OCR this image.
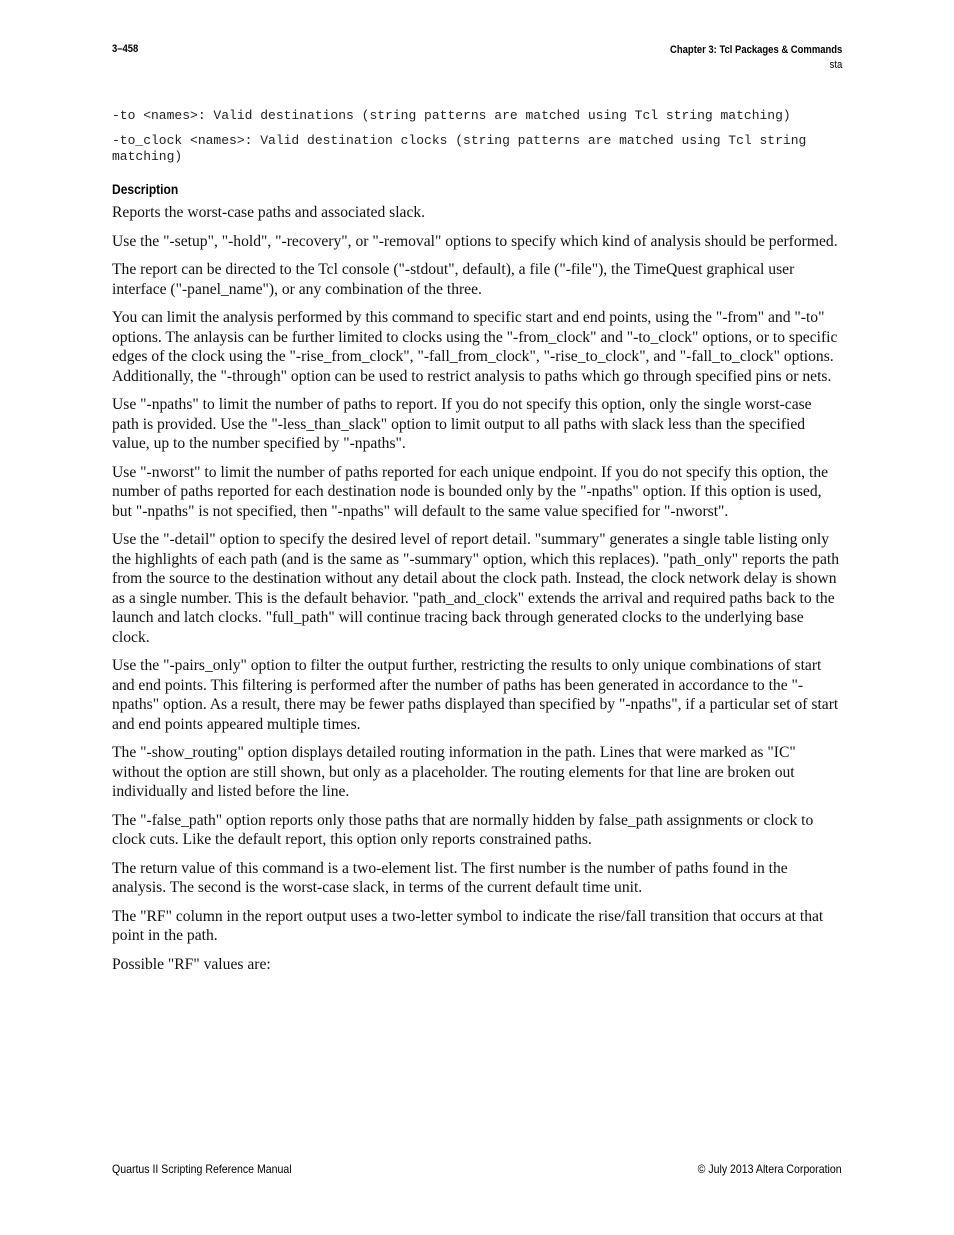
3–458	Chapter 3: Tcl Packages & Commands
sta
-to <names>: Valid destinations (string patterns are matched using Tcl string matching)
-to_clock <names>: Valid destination clocks (string patterns are matched using Tcl string matching)
Description

Reports the worst-case paths and associated slack.

Use the "-setup", "-hold", "-recovery", or "-removal" options to specify which kind of analysis should be performed.

The report can be directed to the Tcl console ("-stdout", default), a file ("-file"), the TimeQuest graphical user interface ("-panel_name"), or any combination of the three.

You can limit the analysis performed by this command to specific start and end points, using the "-from" and "-to" options. The anlaysis can be further limited to clocks using the "-from_clock" and "-to_clock" options, or to specific edges of the clock using the "-rise_from_clock", "-fall_from_clock", "-rise_to_clock", and "-fall_to_clock" options. Additionally, the "-through" option can be used to restrict analysis to paths which go through specified pins or nets.

Use "-npaths" to limit the number of paths to report. If you do not specify this option, only the single worst-case path is provided. Use the "-less_than_slack" option to limit output to all paths with slack less than the specified value, up to the number specified by "-npaths".

Use "-nworst" to limit the number of paths reported for each unique endpoint. If you do not specify this option, the number of paths reported for each destination node is bounded only by the "-npaths" option. If this option is used, but "-npaths" is not specified, then "-npaths" will default to the same value specified for "-nworst".

Use the "-detail" option to specify the desired level of report detail. "summary" generates a single table listing only the highlights of each path (and is the same as "-summary" option, which this replaces). "path_only" reports the path from the source to the destination without any detail about the clock path. Instead, the clock network delay is shown as a single number. This is the default behavior. "path_and_clock" extends the arrival and required paths back to the launch and latch clocks. "full_path" will continue tracing back through generated clocks to the underlying base clock.

Use the "-pairs_only" option to filter the output further, restricting the results to only unique combinations of start and end points. This filtering is performed after the number of paths has been generated in accordance to the "-npaths" option. As a result, there may be fewer paths displayed than specified by "-npaths", if a particular set of start and end points appeared multiple times.

The "-show_routing" option displays detailed routing information in the path. Lines that were marked as "IC" without the option are still shown, but only as a placeholder. The routing elements for that line are broken out individually and listed before the line.

The "-false_path" option reports only those paths that are normally hidden by false_path assignments or clock to clock cuts. Like the default report, this option only reports constrained paths.

The return value of this command is a two-element list. The first number is the number of paths found in the analysis. The second is the worst-case slack, in terms of the current default time unit.

The "RF" column in the report output uses a two-letter symbol to indicate the rise/fall transition that occurs at that point in the path.

Possible "RF" values are:

Quartus II Scripting Reference Manual	© July 2013 Altera Corporation
